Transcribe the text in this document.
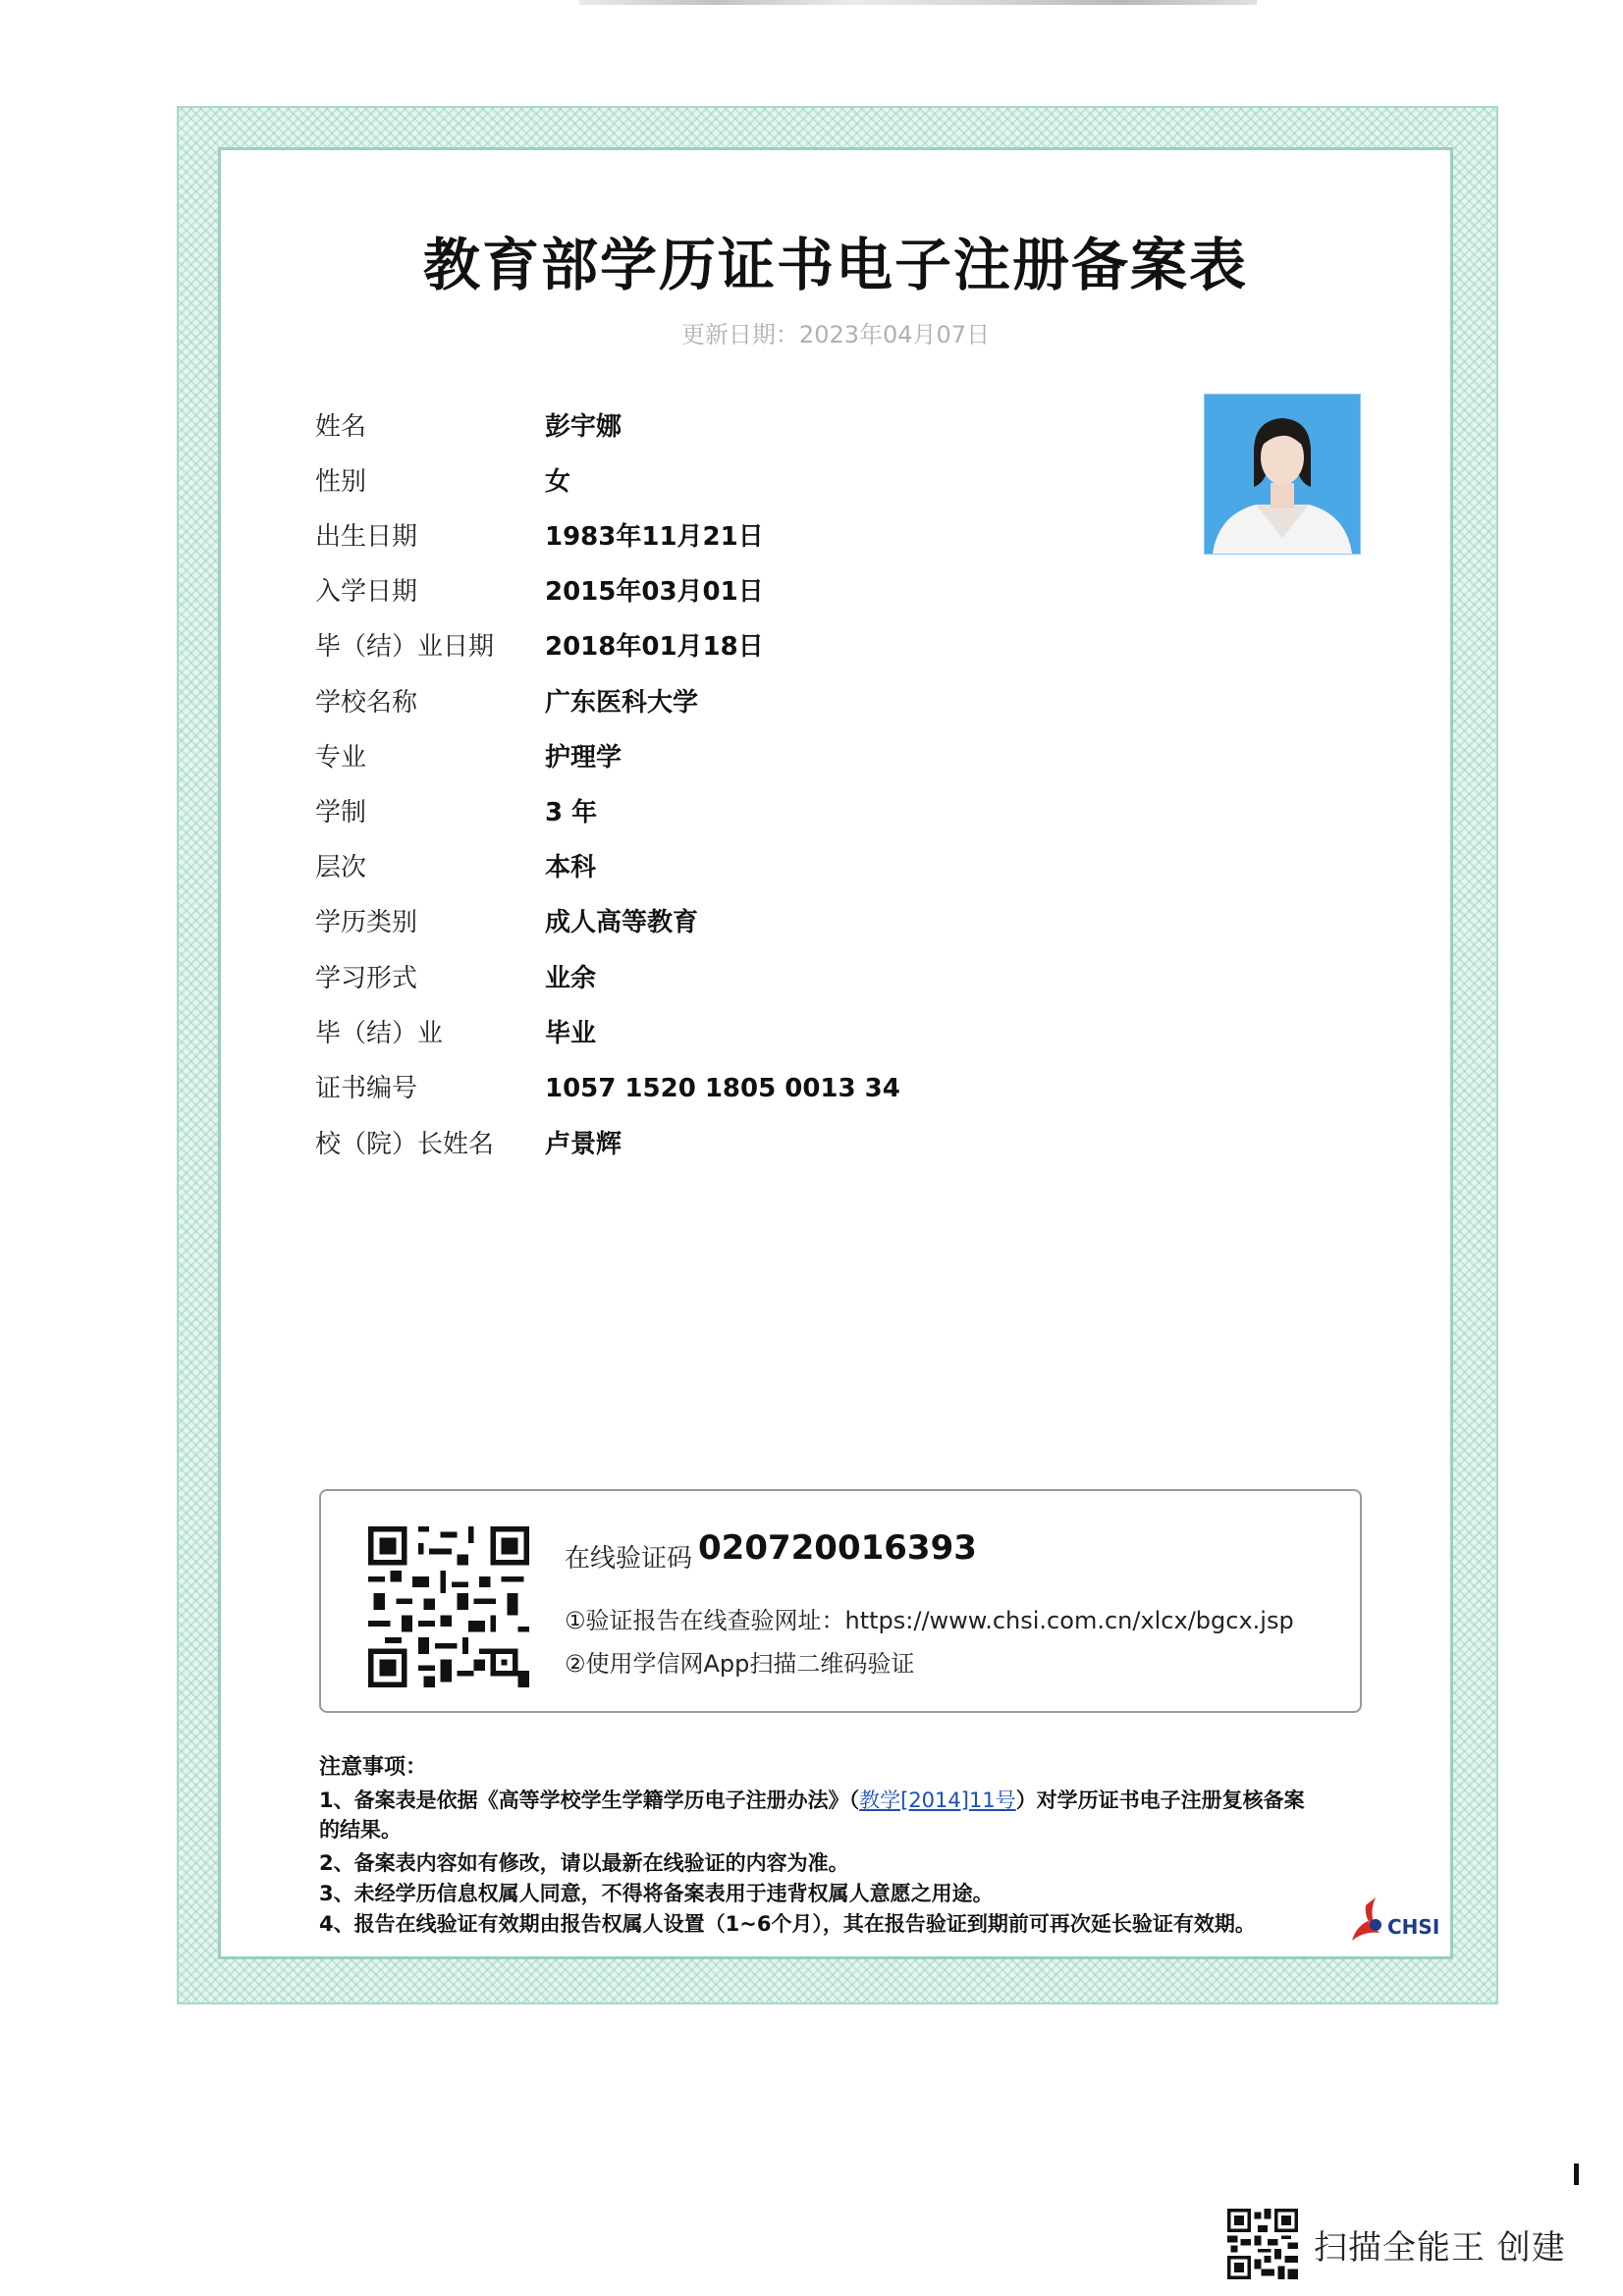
教育部学历证书电子注册备案表
更新日期：2023年04月07日
姓名	彭宇娜
性别	女
出生日期	1983年11月21日
入学日期	2015年03月01日
毕（结）业日期 2018年01月18日
学校名称	广东医科大学
专业	护理学
学制	3 年
层次	本科
学历类别	成人高等教育
学习形式	业余
毕（结）业	毕业
证书编号	1057 1520 1805 0013 34
校（院）长姓名 卢景辉
在线验证码 020720016393
①验证报告在线查验网址：https://www.chsi.com.cn/xlcx/bgcx.jsp
②使用学信网App扫描二维码验证
注意事项：
1、备案表是依据《高等学校学生学籍学历电子注册办法》（教学[2014]11号）对学历证书电子注册复核备案的结果。
2、备案表内容如有修改，请以最新在线验证的内容为准。
3、未经学历信息权属人同意，不得将备案表用于违背权属人意愿之用途。
4、报告在线验证有效期由报告权属人设置（1~6个月），其在报告验证到期前可再次延长验证有效期。	CHSI
扫描全能王 创建
